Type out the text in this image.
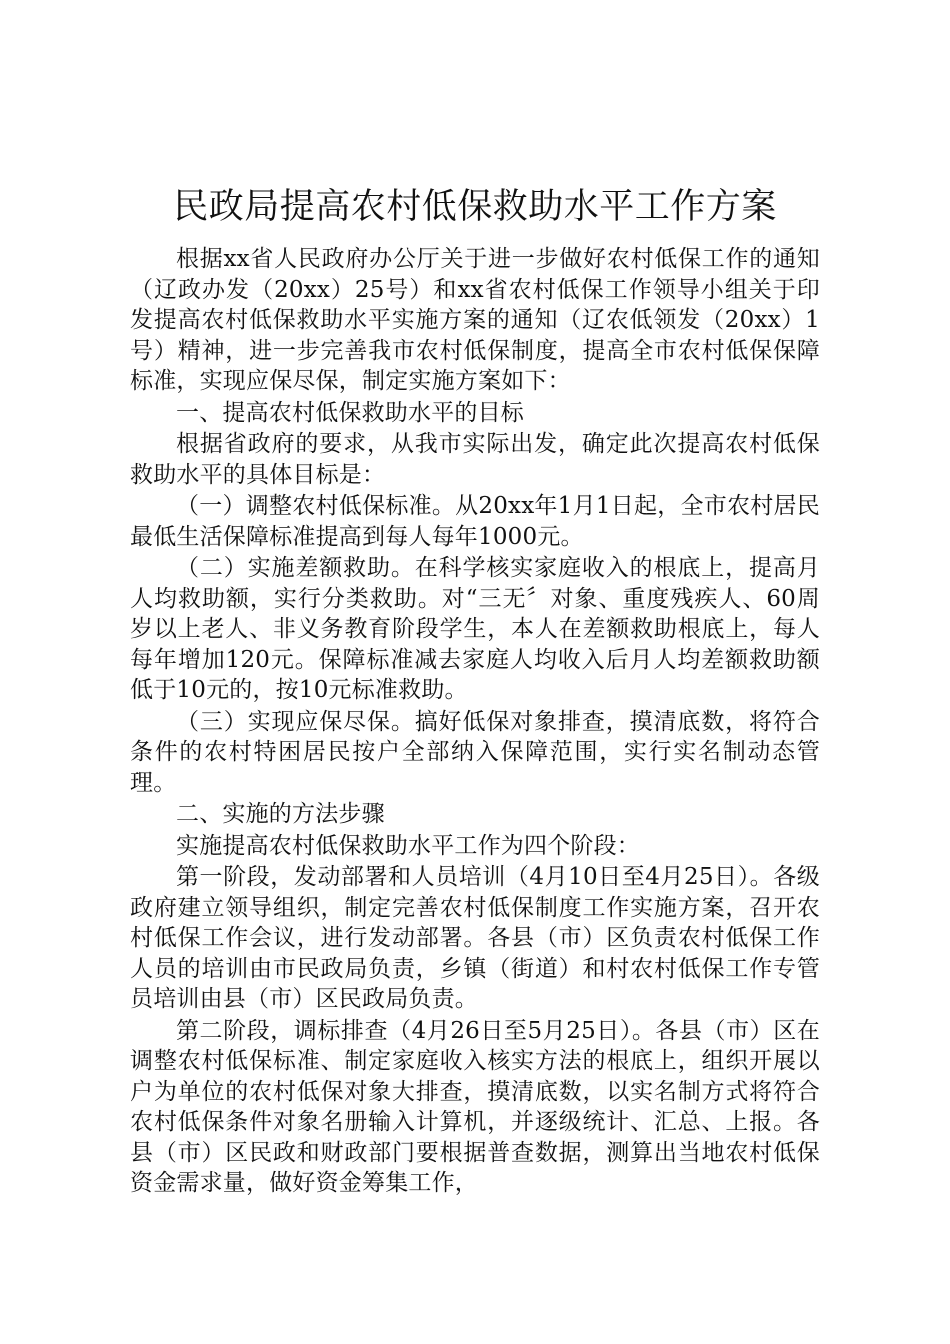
民政局提高农村低保救助水平工作方案

根据xx省人民政府办公厅关于进一步做好农村低保工作的通知（辽政办发（20xx）25号）和xx省农村低保工作领导小组关于印发提高农村低保救助水平实施方案的通知（辽农低领发（20xx）1号）精神，进一步完善我市农村低保制度，提高全市农村低保保障标准，实现应保尽保，制定实施方案如下：

一、提高农村低保救助水平的目标

根据省政府的要求，从我市实际出发，确定此次提高农村低保救助水平的具体目标是：

（一）调整农村低保标准。从20xx年1月1日起，全市农村居民最低生活保障标准提高到每人每年1000元。

（二）实施差额救助。在科学核实家庭收入的根底上，提高月人均救助额，实行分类救助。对“三无〞对象、重度残疾人、60周岁以上老人、非义务教育阶段学生，本人在差额救助根底上，每人每年增加120元。保障标准减去家庭人均收入后月人均差额救助额低于10元的，按10元标准救助。

（三）实现应保尽保。搞好低保对象排查，摸清底数，将符合条件的农村特困居民按户全部纳入保障范围，实行实名制动态管理。

二、实施的方法步骤

实施提高农村低保救助水平工作为四个阶段：

第一阶段，发动部署和人员培训（4月10日至4月25日）。各级政府建立领导组织，制定完善农村低保制度工作实施方案，召开农村低保工作会议，进行发动部署。各县（市）区负责农村低保工作人员的培训由市民政局负责，乡镇（街道）和村农村低保工作专管员培训由县（市）区民政局负责。

第二阶段，调标排查（4月26日至5月25日）。各县（市）区在调整农村低保标准、制定家庭收入核实方法的根底上，组织开展以户为单位的农村低保对象大排查，摸清底数，以实名制方式将符合农村低保条件对象名册输入计算机，并逐级统计、汇总、上报。各县（市）区民政和财政部门要根据普查数据，测算出当地农村低保资金需求量，做好资金筹集工作，
